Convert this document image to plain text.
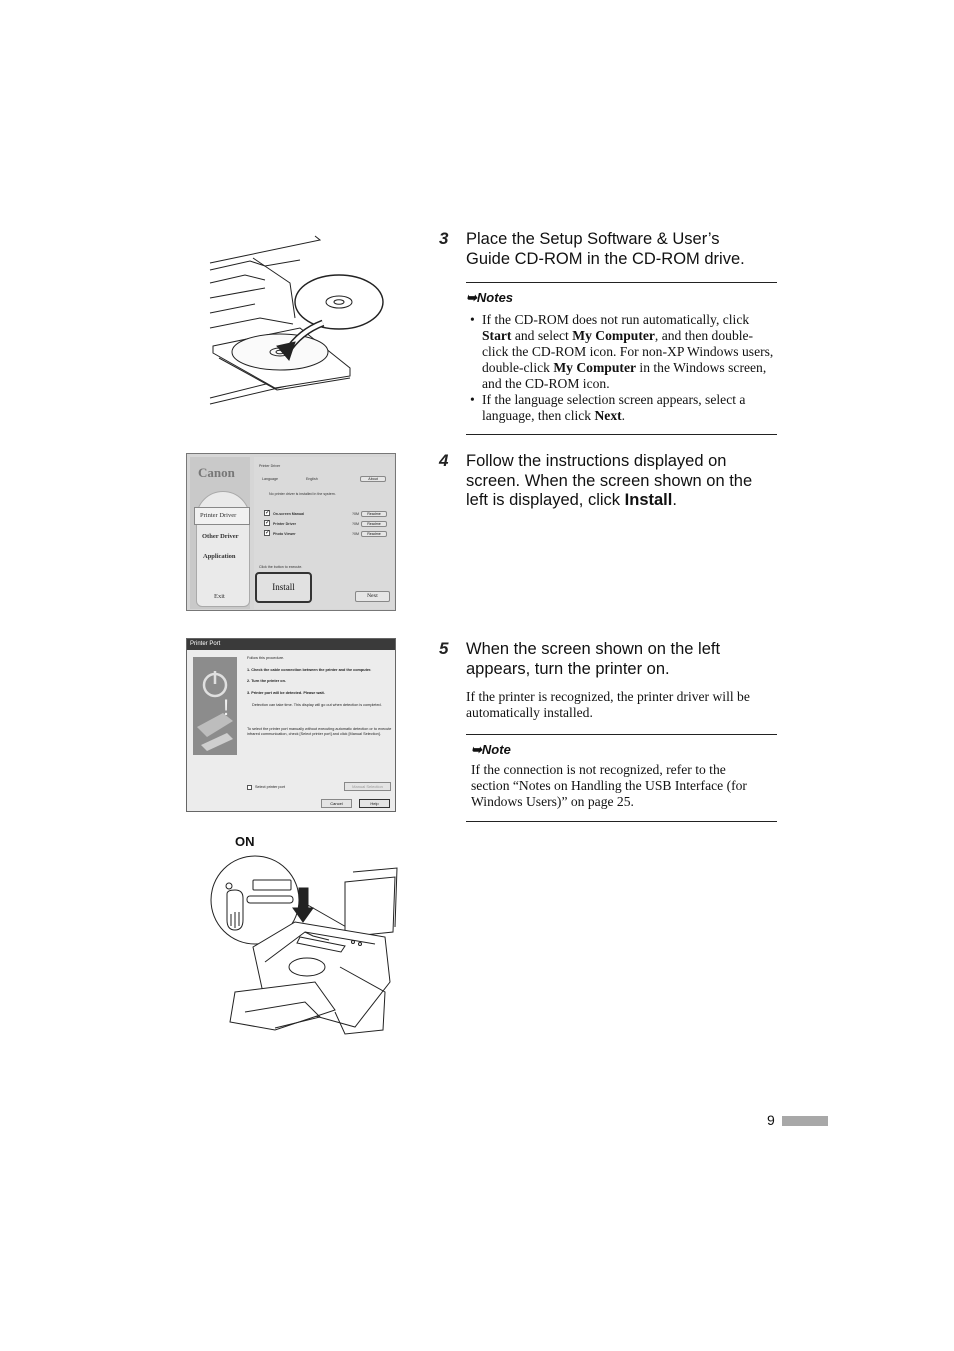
3 Place the Setup Software & User’s
Guide CD-ROM in the CD-ROM drive.
➥Notes
• If the CD-ROM does not run automatically, click Start and select My Computer, and then double-click the CD-ROM icon. For non-XP Windows users, double-click My Computer in the Windows screen, and the CD-ROM icon.
• If the language selection screen appears, select a language, then click Next.
Canon
Printer Driver
Other Driver
Application
Exit
Printer Driver
Language	English	About
No printer driver is installed in the system.
✓ On-screen Manual	?0M	Readme
✓ Printer Driver	?0M	Readme
✓ Photo Viewer	?0M	Readme
Click the button to execute.
Install
Next
4 Follow the instructions displayed on
screen. When the screen shown on the
left is displayed, click Install.
Printer Port
!
Follow this procedure.
1. Check the cable connection between the printer and the computer.
2. Turn the printer on.
3. Printer port will be detected. Please wait.
Detection can take time. This display will go out when detection is completed.
To select the printer port manually without executing automatic detection or to execute infrared communication, check [Select printer port] and click [Manual Selection].
Select printer port	Manual Selection
Cancel	Help
5 When the screen shown on the left
appears, turn the printer on.
If the printer is recognized, the printer driver will be
automatically installed.
➥Note
If the connection is not recognized, refer to the
section “Notes on Handling the USB Interface (for
Windows Users)” on page 25.
ON
9
